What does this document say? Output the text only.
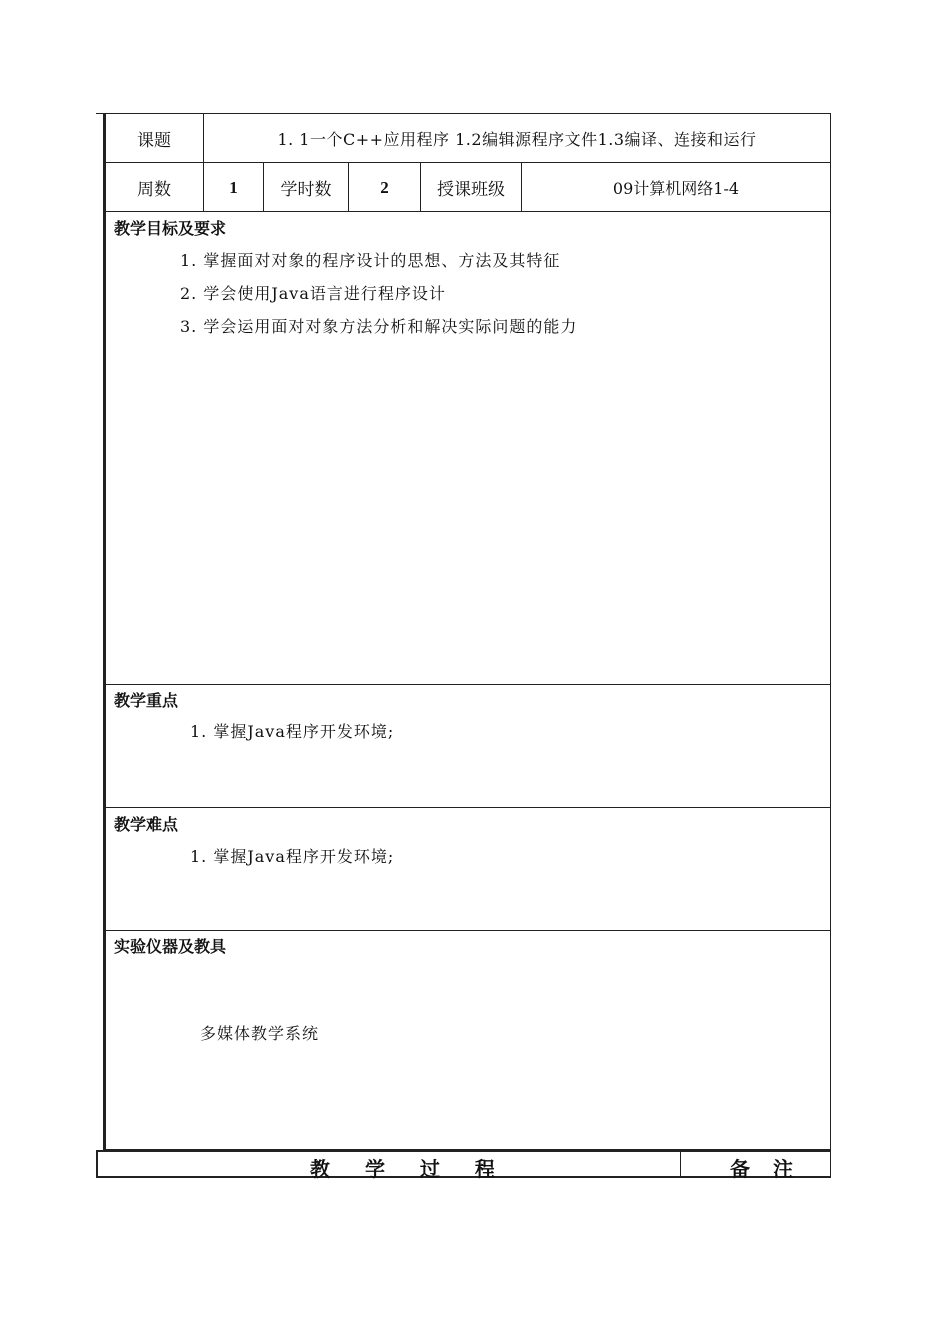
课题	1. 1一个C++应用程序 1.2编辑源程序文件1.3编译、连接和运行
周数	1	学时数	2	授课班级	09计算机网络1-4
教学目标及要求
1. 掌握面对对象的程序设计的思想、方法及其特征
2. 学会使用Java语言进行程序设计
3. 学会运用面对对象方法分析和解决实际问题的能力
教学重点
1. 掌握Java程序开发环境;
教学难点
1. 掌握Java程序开发环境;
实验仪器及教具
多媒体教学系统
教 学 过 程	备 注
